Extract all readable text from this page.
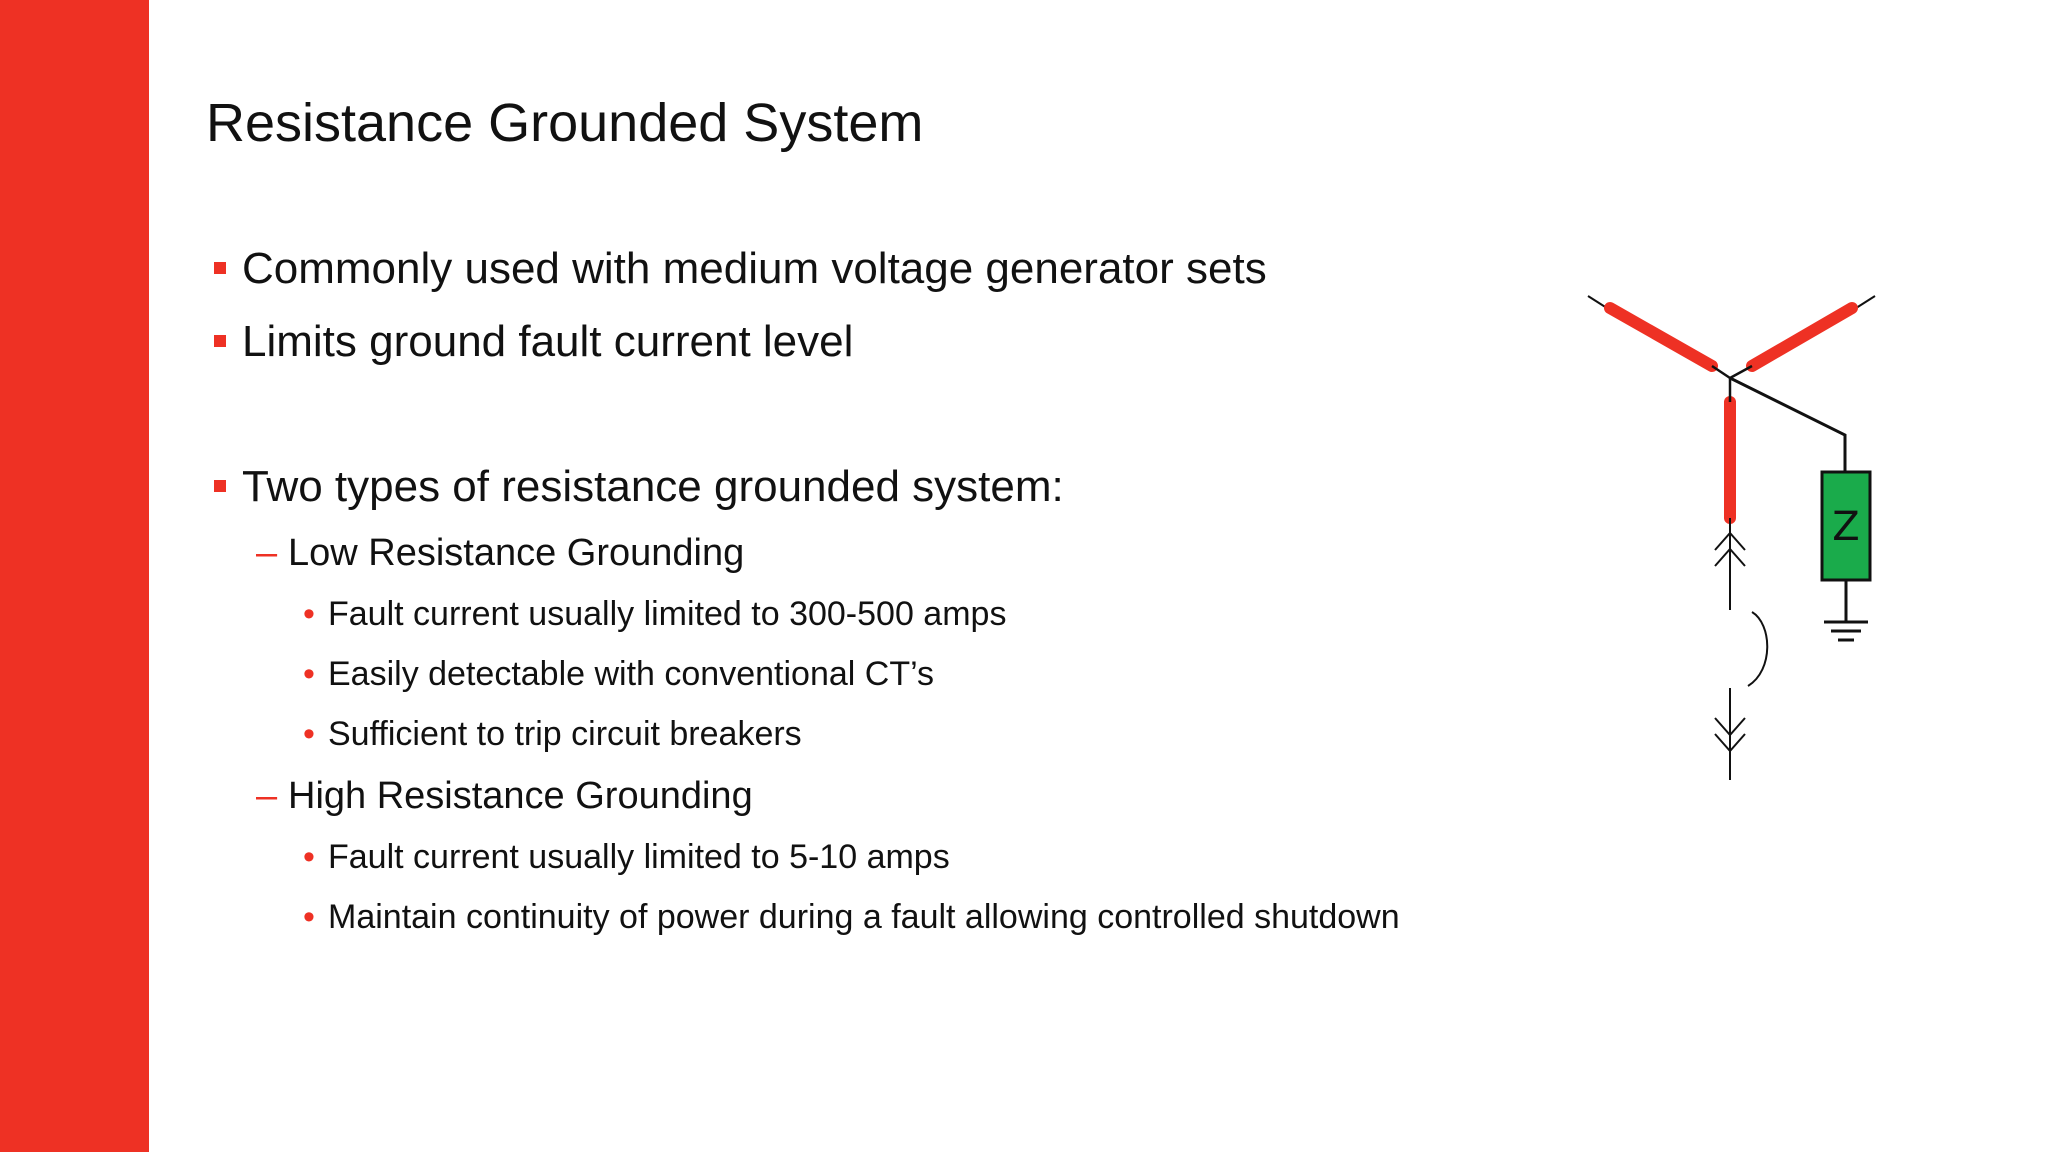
Resistance Grounded System
Commonly used with medium voltage generator sets
Limits ground fault current level
Two types of resistance grounded system:
– Low Resistance Grounding
• Fault current usually limited to 300-500 amps
• Easily detectable with conventional CT’s
• Sufficient to trip circuit breakers
– High Resistance Grounding
• Fault current usually limited to 5-10 amps
• Maintain continuity of power during a fault allowing controlled shutdown
Z
